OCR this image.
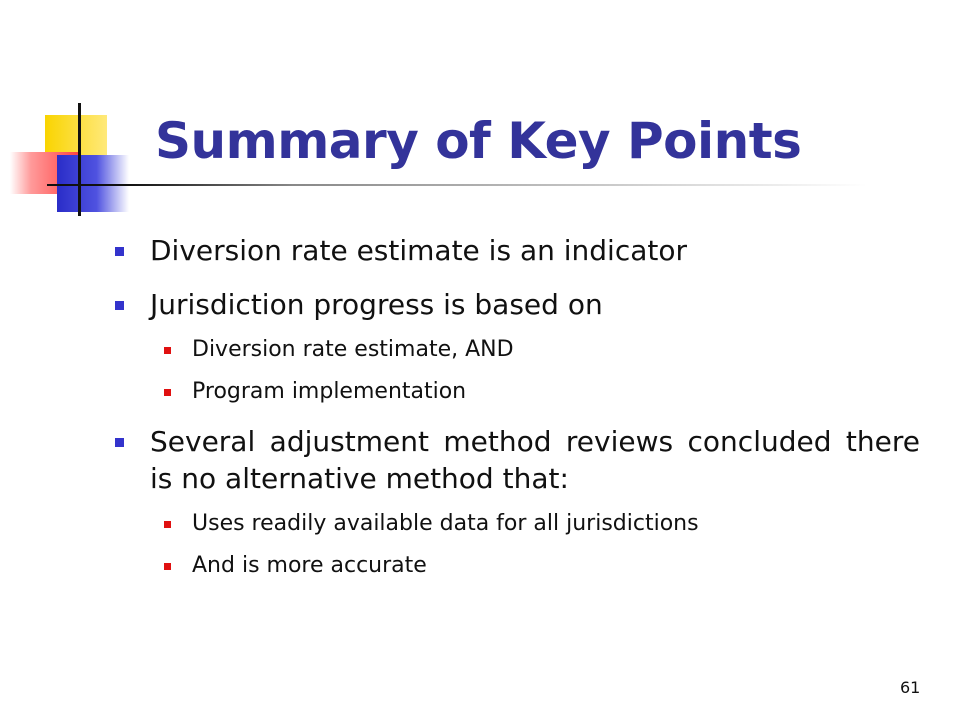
Summary of Key Points
Diversion rate estimate is an indicator
Jurisdiction progress is based on
Diversion rate estimate, AND
Program implementation
Several adjustment method reviews concluded there is no alternative method that:
Uses readily available data for all jurisdictions
And is more accurate
61
